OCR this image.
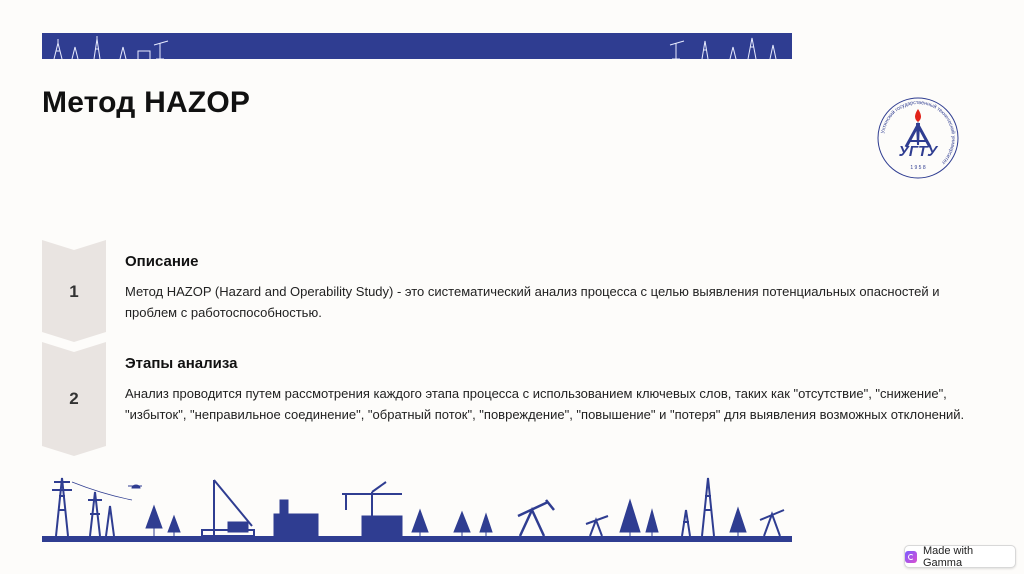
Метод HAZOP
Ухтинский государственный технический университет
УГТУ
1 9 5 8
1
Описание
Метод HAZOP (Hazard and Operability Study) - это систематический анализ процесса с целью выявления потенциальных опасностей и проблем с работоспособностью.
2
Этапы анализа
Анализ проводится путем рассмотрения каждого этапа процесса с использованием ключевых слов, таких как "отсутствие", "снижение", "избыток", "неправильное соединение", "обратный поток", "повреждение", "повышение" и "потеря" для выявления возможных отклонений.
Made with Gamma
